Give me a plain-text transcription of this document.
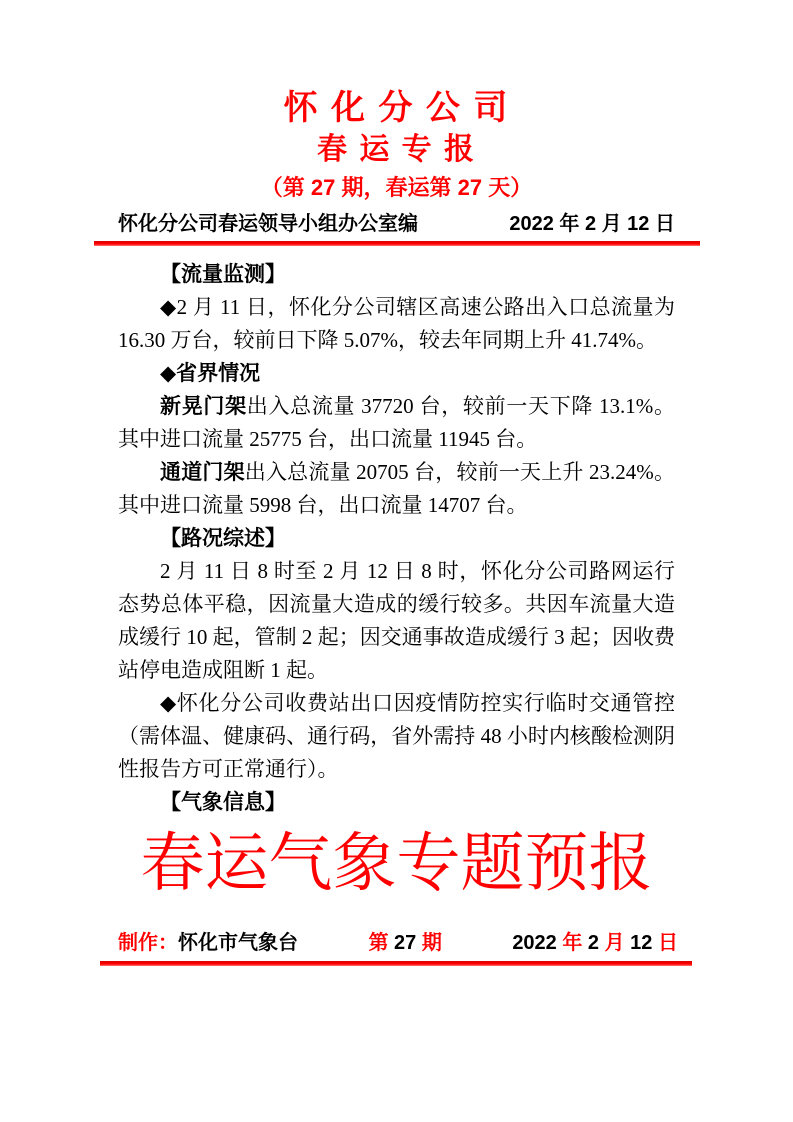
怀 化 分 公 司
春 运 专 报
（第 27 期，春运第 27 天）
怀化分公司春运领导小组办公室编	2022 年 2 月 12 日

【流量监测】

◆2 月 11 日，怀化分公司辖区高速公路出入口总流量为 16.30 万台，较前日下降 5.07%，较去年同期上升 41.74%。

◆省界情况

新晃门架出入总流量 37720 台，较前一天下降 13.1%。其中进口流量 25775 台，出口流量 11945 台。

通道门架出入总流量 20705 台，较前一天上升 23.24%。其中进口流量 5998 台，出口流量 14707 台。

【路况综述】

2 月 11 日 8 时至 2 月 12 日 8 时，怀化分公司路网运行态势总体平稳，因流量大造成的缓行较多。共因车流量大造成缓行 10 起，管制 2 起；因交通事故造成缓行 3 起；因收费站停电造成阻断 1 起。

◆怀化分公司收费站出口因疫情防控实行临时交通管控（需体温、健康码、通行码，省外需持 48 小时内核酸检测阴性报告方可正常通行）。

【气象信息】

春运气象专题预报
制作：怀化市气象台	第 27 期	2022 年 2 月 12 日
